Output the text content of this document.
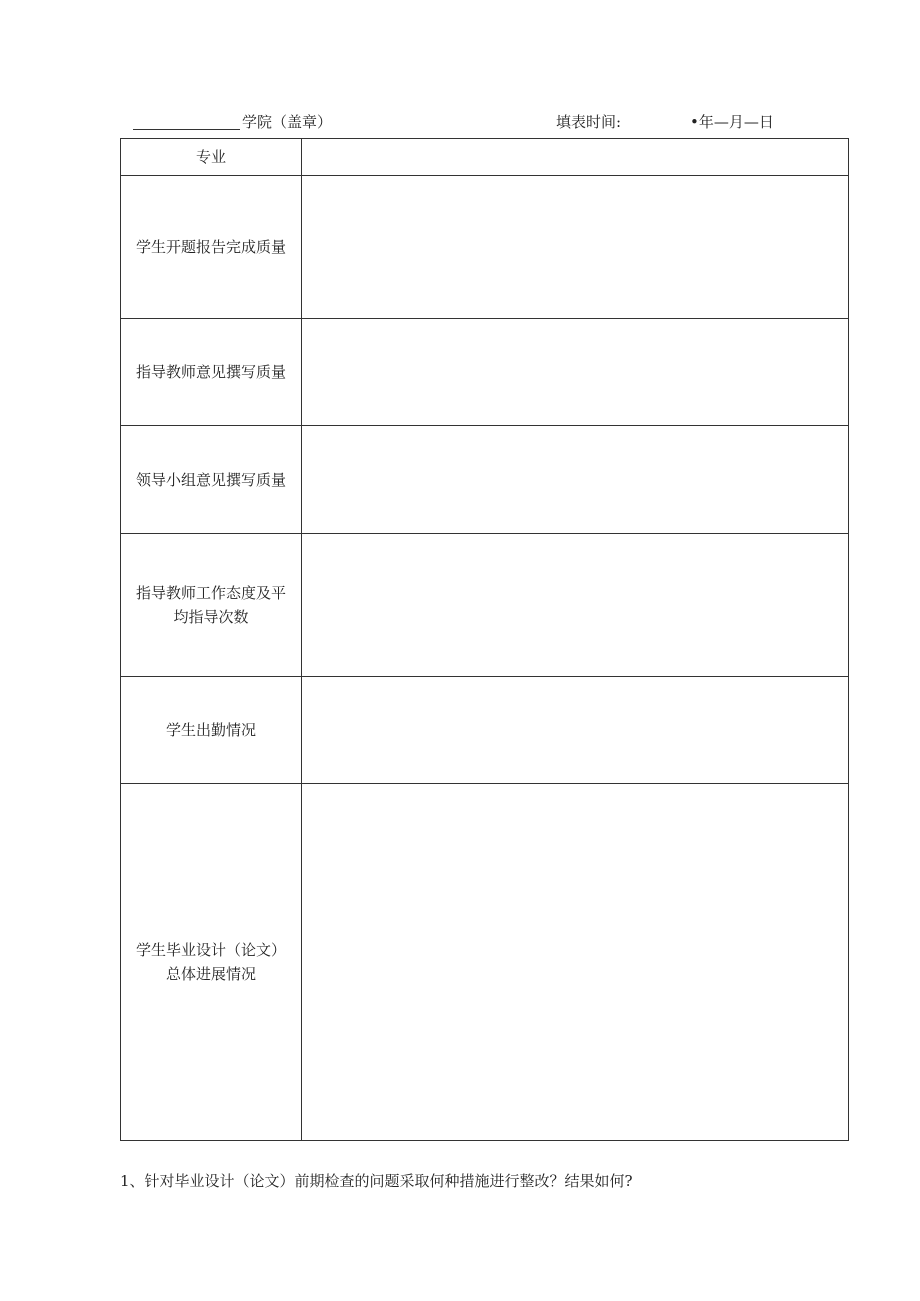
学院（盖章）	填表时间:	•年—月—日
专业	
学生开题报告完成质量	
指导教师意见撰写质量	
领导小组意见撰写质量	

指导教师工作态度及平
均指导次数	

学生出勤情况	

学生毕业设计（论文）
总体进展情况	

1、针对毕业设计（论文）前期检查的问题采取何种措施进行整改？结果如何?
